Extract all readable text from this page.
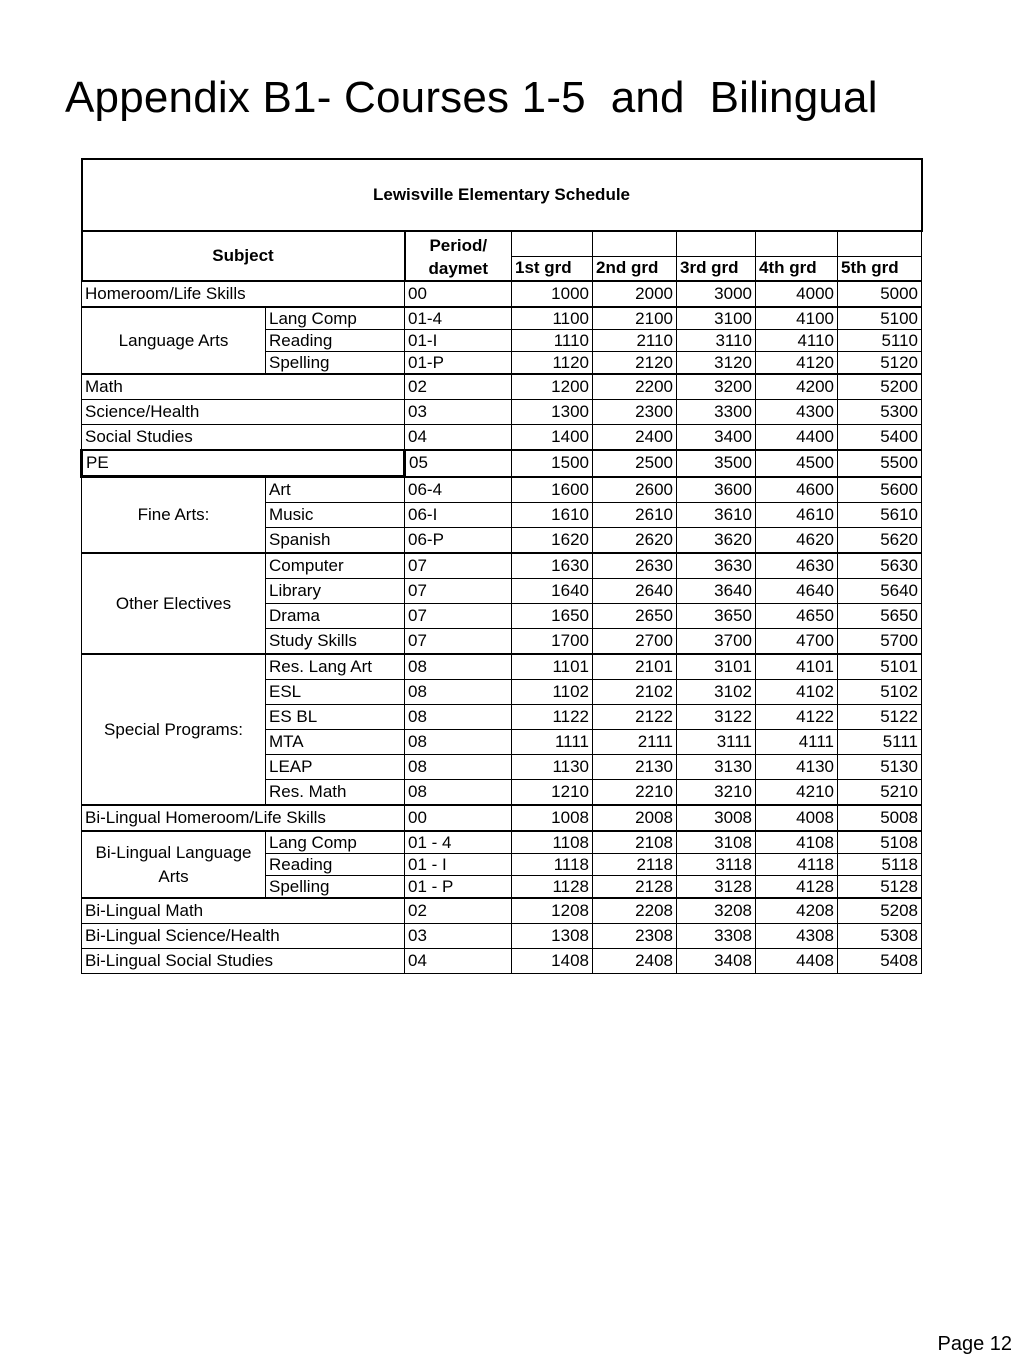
Appendix B1- Courses 1-5  and  Bilingual
Lewisville Elementary Schedule							
Subject		Period/
daymet					
			1st grd	2nd grd	3rd grd	4th grd	5th grd
Homeroom/Life Skills		00	1000	2000	3000	4000	5000
Language Arts	Lang Comp	01-4	1100	2100	3100	4100	5100
	Reading	01-I	1110	2110	3110	4110	5110
	Spelling	01-P	1120	2120	3120	4120	5120
Math		02	1200	2200	3200	4200	5200
Science/Health		03	1300	2300	3300	4300	5300
Social Studies		04	1400	2400	3400	4400	5400
PE		05	1500	2500	3500	4500	5500
Fine Arts:	Art	06-4	1600	2600	3600	4600	5600
	Music	06-I	1610	2610	3610	4610	5610
	Spanish	06-P	1620	2620	3620	4620	5620
Other Electives	Computer	07	1630	2630	3630	4630	5630
	Library	07	1640	2640	3640	4640	5640
	Drama	07	1650	2650	3650	4650	5650
	Study Skills	07	1700	2700	3700	4700	5700
Special Programs:	Res. Lang Art	08	1101	2101	3101	4101	5101
	ESL	08	1102	2102	3102	4102	5102
	ES BL	08	1122	2122	3122	4122	5122
	MTA	08	1111	2111	3111	4111	5111
	LEAP	08	1130	2130	3130	4130	5130
	Res. Math	08	1210	2210	3210	4210	5210
Bi-Lingual Homeroom/Life Skills		00	1008	2008	3008	4008	5008
Bi-Lingual Language Arts	Lang Comp	01 - 4	1108	2108	3108	4108	5108
	Reading	01 - I	1118	2118	3118	4118	5118
	Spelling	01 - P	1128	2128	3128	4128	5128
Bi-Lingual Math		02	1208	2208	3208	4208	5208
Bi-Lingual Science/Health		03	1308	2308	3308	4308	5308
Bi-Lingual Social Studies		04	1408	2408	3408	4408	5408
Page 12
